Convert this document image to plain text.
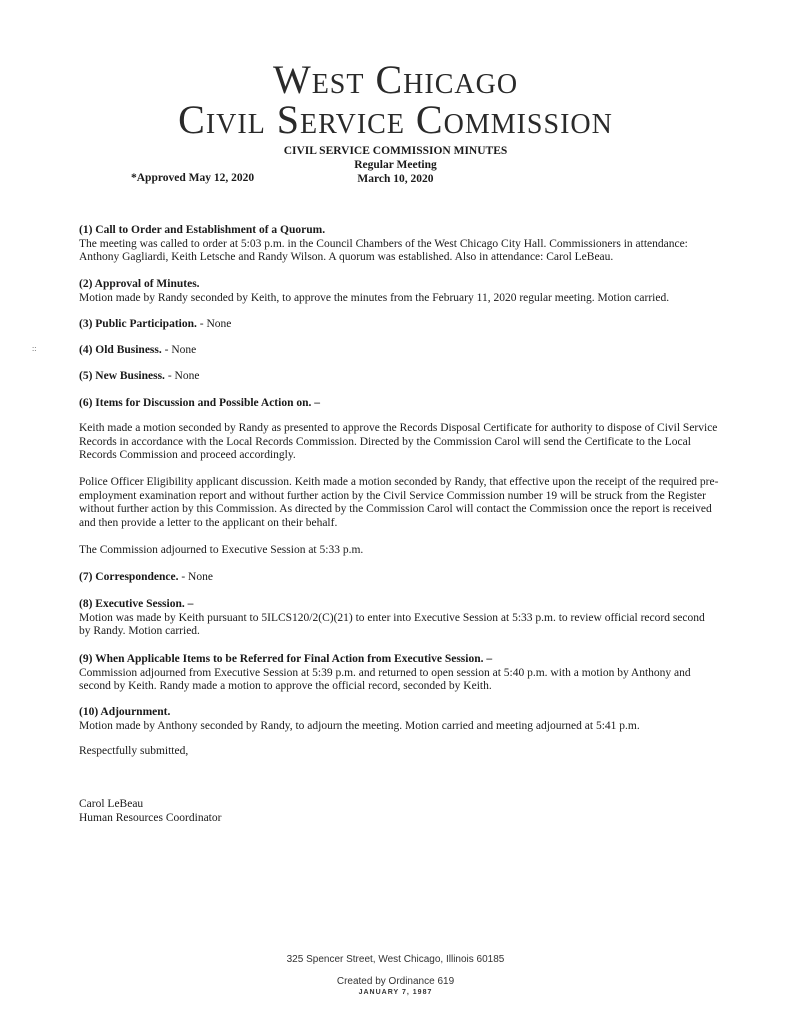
West Chicago
Civil Service Commission
CIVIL SERVICE COMMISSION MINUTES
Regular Meeting
March 10, 2020
*Approved May 12, 2020
::
(1) Call to Order and Establishment of a Quorum.
The meeting was called to order at 5:03 p.m. in the Council Chambers of the West Chicago City Hall. Commissioners in attendance: Anthony Gagliardi, Keith Letsche and Randy Wilson. A quorum was established. Also in attendance: Carol LeBeau.
(2) Approval of Minutes.
Motion made by Randy seconded by Keith, to approve the minutes from the February 11, 2020 regular meeting. Motion carried.
(3) Public Participation. - None
(4) Old Business. - None
(5) New Business. - None
(6) Items for Discussion and Possible Action on. –
Keith made a motion seconded by Randy as presented to approve the Records Disposal Certificate for authority to dispose of Civil Service Records in accordance with the Local Records Commission. Directed by the Commission Carol will send the Certificate to the Local Records Commission and proceed accordingly.
Police Officer Eligibility applicant discussion. Keith made a motion seconded by Randy, that effective upon the receipt of the required pre-employment examination report and without further action by the Civil Service Commission number 19 will be struck from the Register without further action by this Commission. As directed by the Commission Carol will contact the Commission once the report is received and then provide a letter to the applicant on their behalf.
The Commission adjourned to Executive Session at 5:33 p.m.
(7) Correspondence. - None
(8) Executive Session. –
Motion was made by Keith pursuant to 5ILCS120/2(C)(21) to enter into Executive Session at 5:33 p.m. to review official record second by Randy. Motion carried.
(9) When Applicable Items to be Referred for Final Action from Executive Session. –
Commission adjourned from Executive Session at 5:39 p.m. and returned to open session at 5:40 p.m. with a motion by Anthony and second by Keith. Randy made a motion to approve the official record, seconded by Keith.
(10) Adjournment.
Motion made by Anthony seconded by Randy, to adjourn the meeting. Motion carried and meeting adjourned at 5:41 p.m.
Respectfully submitted,
Carol LeBeau
Human Resources Coordinator
325 Spencer Street, West Chicago, Illinois 60185
Created by Ordinance 619
JANUARY 7, 1987
